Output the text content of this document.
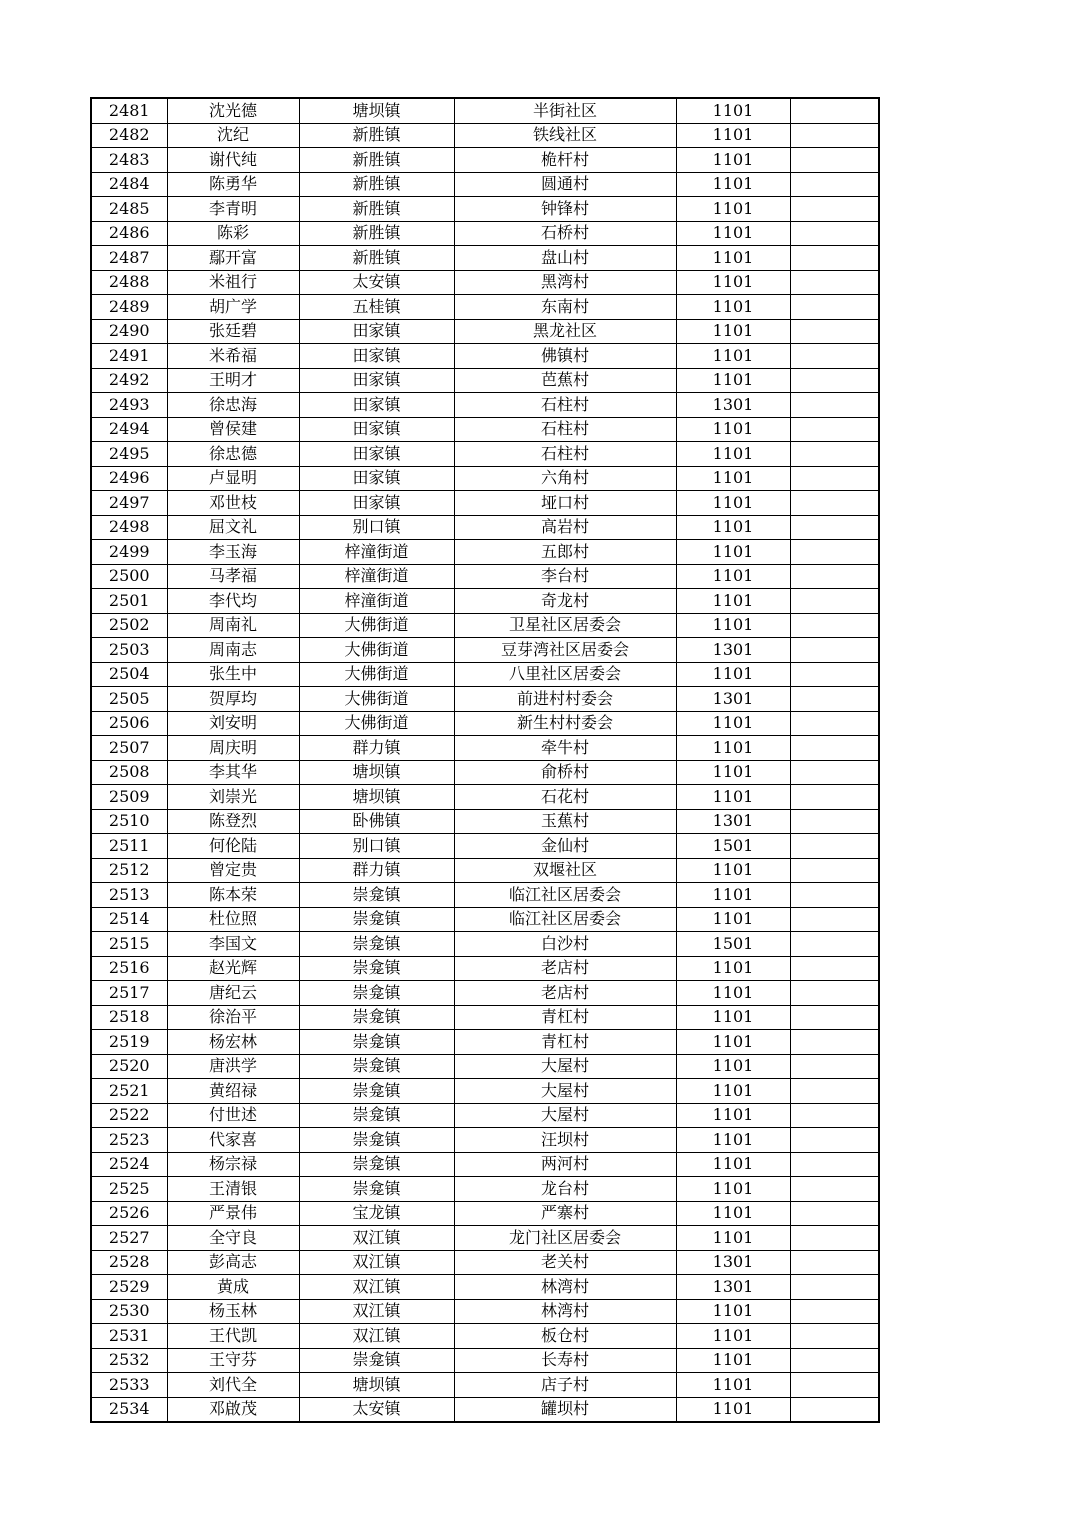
2481	沈光德	塘坝镇	半街社区	1101	
2482	沈纪	新胜镇	铁线社区	1101	
2483	谢代纯	新胜镇	桅杆村	1101	
2484	陈勇华	新胜镇	圆通村	1101	
2485	李青明	新胜镇	钟锋村	1101	
2486	陈彩	新胜镇	石桥村	1101	
2487	鄢开富	新胜镇	盘山村	1101	
2488	米祖行	太安镇	黑湾村	1101	
2489	胡广学	五桂镇	东南村	1101	
2490	张廷碧	田家镇	黑龙社区	1101	
2491	米希福	田家镇	佛镇村	1101	
2492	王明才	田家镇	芭蕉村	1101	
2493	徐忠海	田家镇	石柱村	1301	
2494	曾侯建	田家镇	石柱村	1101	
2495	徐忠德	田家镇	石柱村	1101	
2496	卢显明	田家镇	六角村	1101	
2497	邓世枝	田家镇	垭口村	1101	
2498	屈文礼	别口镇	高岩村	1101	
2499	李玉海	梓潼街道	五郎村	1101	
2500	马孝福	梓潼街道	李台村	1101	
2501	李代均	梓潼街道	奇龙村	1101	
2502	周南礼	大佛街道	卫星社区居委会	1101	
2503	周南志	大佛街道	豆芽湾社区居委会	1301	
2504	张生中	大佛街道	八里社区居委会	1101	
2505	贺厚均	大佛街道	前进村村委会	1301	
2506	刘安明	大佛街道	新生村村委会	1101	
2507	周庆明	群力镇	牵牛村	1101	
2508	李其华	塘坝镇	俞桥村	1101	
2509	刘崇光	塘坝镇	石花村	1101	
2510	陈登烈	卧佛镇	玉蕉村	1301	
2511	何伦陆	别口镇	金仙村	1501	
2512	曾定贵	群力镇	双堰社区	1101	
2513	陈本荣	崇龛镇	临江社区居委会	1101	
2514	杜位照	崇龛镇	临江社区居委会	1101	
2515	李国文	崇龛镇	白沙村	1501	
2516	赵光辉	崇龛镇	老店村	1101	
2517	唐纪云	崇龛镇	老店村	1101	
2518	徐治平	崇龛镇	青杠村	1101	
2519	杨宏林	崇龛镇	青杠村	1101	
2520	唐洪学	崇龛镇	大屋村	1101	
2521	黄绍禄	崇龛镇	大屋村	1101	
2522	付世述	崇龛镇	大屋村	1101	
2523	代家喜	崇龛镇	汪坝村	1101	
2524	杨宗禄	崇龛镇	两河村	1101	
2525	王清银	崇龛镇	龙台村	1101	
2526	严景伟	宝龙镇	严寨村	1101	
2527	全守良	双江镇	龙门社区居委会	1101	
2528	彭高志	双江镇	老关村	1301	
2529	黄成	双江镇	林湾村	1301	
2530	杨玉林	双江镇	林湾村	1101	
2531	王代凯	双江镇	板仓村	1101	
2532	王守芬	崇龛镇	长寿村	1101	
2533	刘代全	塘坝镇	店子村	1101	
2534	邓啟茂	太安镇	罐坝村	1101	
